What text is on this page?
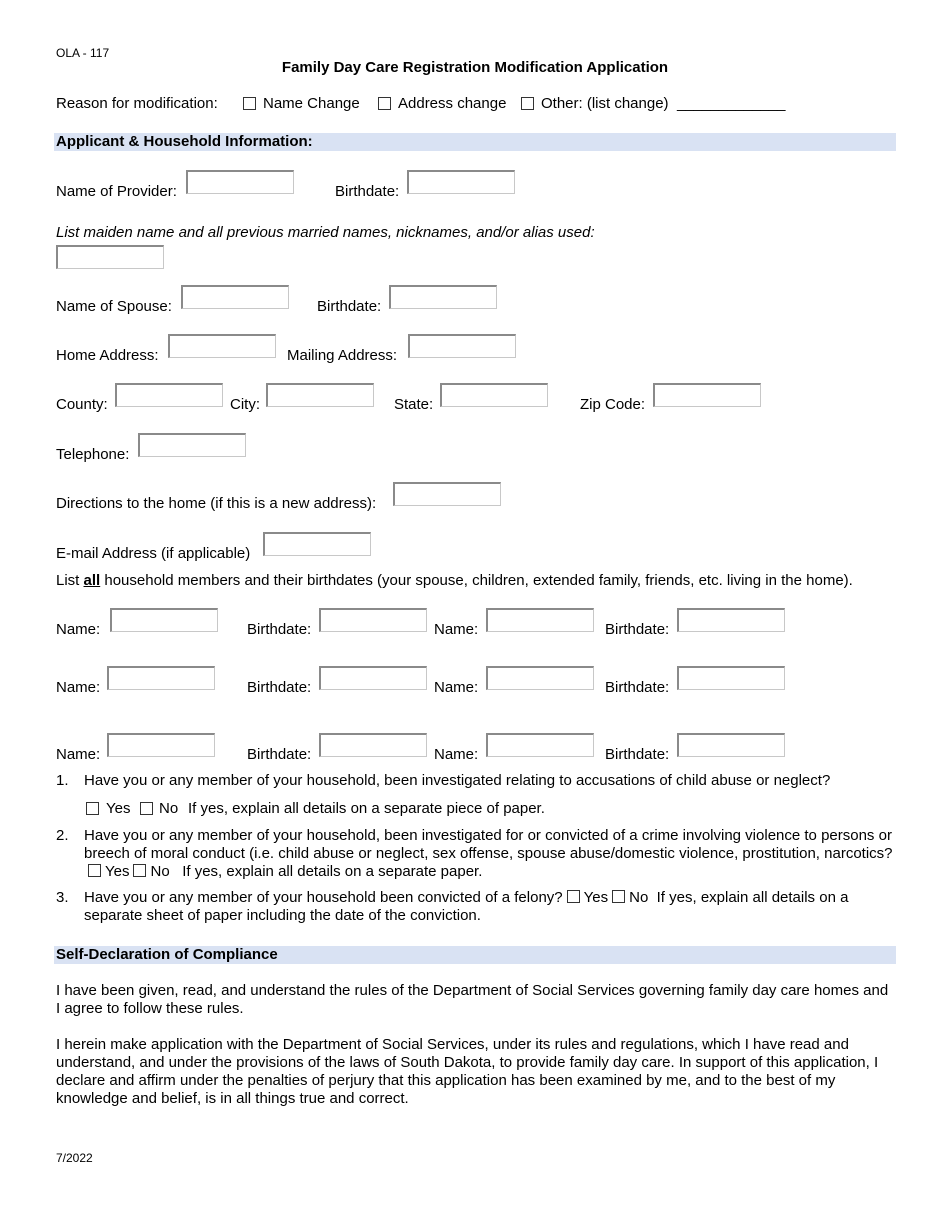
OLA - 117
Family Day Care Registration Modification Application
Reason for modification:	Name Change	Address change Other: (list change) _____________
Applicant & Household Information:
Name of Provider:	Birthdate:
List maiden name and all previous married names, nicknames, and/or alias used:
Name of Spouse:	Birthdate:
Home Address:	Mailing Address:
County:	City:	State:	Zip Code:
Telephone:
Directions to the home (if this is a new address):
E-mail Address (if applicable)
List all household members and their birthdates (your spouse, children, extended family, friends, etc. living in the home).
Name:	Birthdate:	Name:	Birthdate:
Name:	Birthdate:	Name:	Birthdate:
Name:	Birthdate:	Name:	Birthdate:
1. Have you or any member of your household, been investigated relating to accusations of child abuse or neglect?
Yes No If yes, explain all details on a separate piece of paper.
2. Have you or any member of your household, been investigated for or convicted of a crime involving violence to persons or breech of moral conduct (i.e. child abuse or neglect, sex offense, spouse abuse/domestic violence, prostitution, narcotics?Yes No If yes, explain all details on a separate paper.
3. Have you or any member of your household been convicted of a felony? Yes No If yes, explain all details on a separate sheet of paper including the date of the conviction.
Self-Declaration of Compliance
I have been given, read, and understand the rules of the Department of Social Services governing family day care homes and I agree to follow these rules.
I herein make application with the Department of Social Services, under its rules and regulations, which I have read and understand, and under the provisions of the laws of South Dakota, to provide family day care. In support of this application, I declare and affirm under the penalties of perjury that this application has been examined by me, and to the best of my knowledge and belief, is in all things true and correct.
7/2022
